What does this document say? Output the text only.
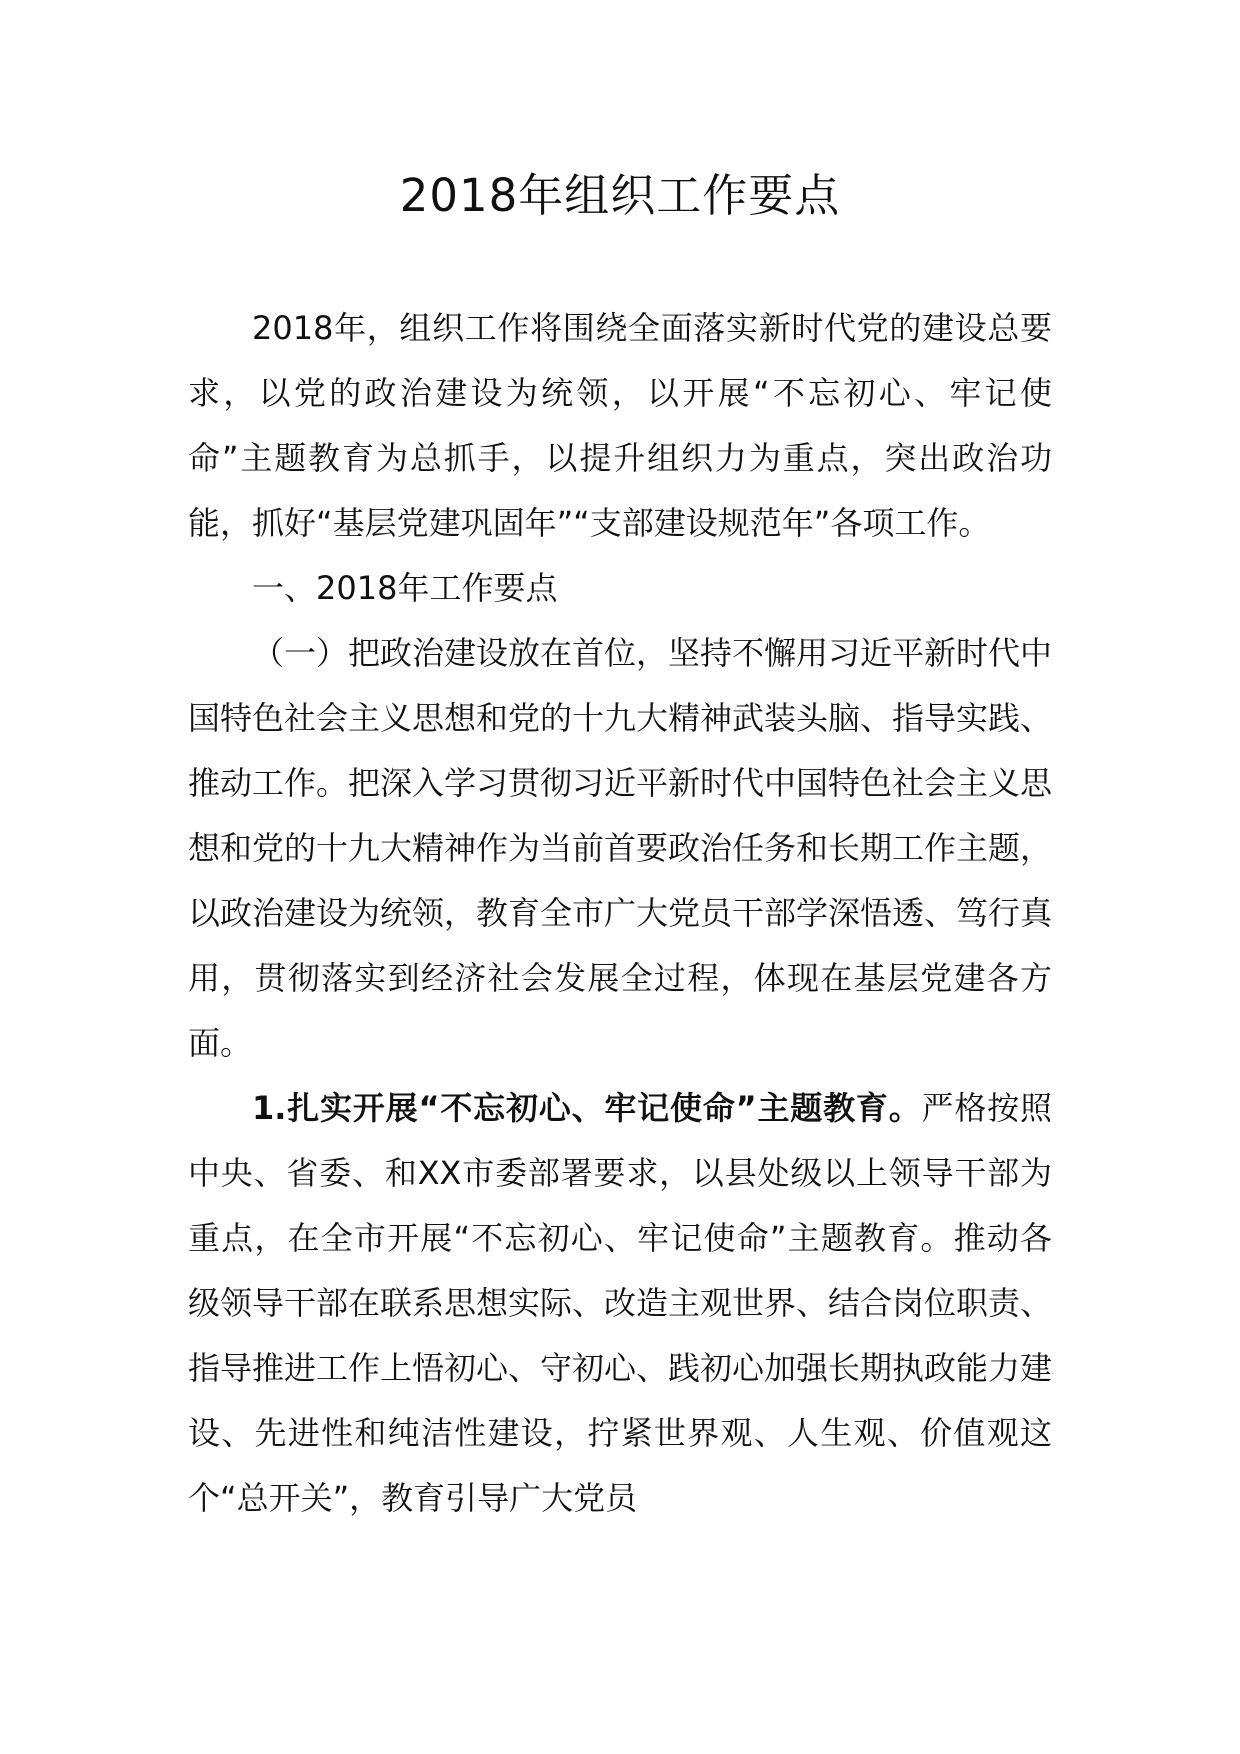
2018年组织工作要点

2018年，组织工作将围绕全面落实新时代党的建设总要求，以党的政治建设为统领，以开展“不忘初心、牢记使命”主题教育为总抓手，以提升组织力为重点，突出政治功能，抓好“基层党建巩固年”“支部建设规范年”各项工作。

一、2018年工作要点

（一）把政治建设放在首位，坚持不懈用习近平新时代中国特色社会主义思想和党的十九大精神武装头脑、指导实践、推动工作。把深入学习贯彻习近平新时代中国特色社会主义思想和党的十九大精神作为当前首要政治任务和长期工作主题，以政治建设为统领，教育全市广大党员干部学深悟透、笃行真用，贯彻落实到经济社会发展全过程，体现在基层党建各方面。

1.扎实开展“不忘初心、牢记使命”主题教育。严格按照中央、省委、和XX市委部署要求，以县处级以上领导干部为重点，在全市开展“不忘初心、牢记使命”主题教育。推动各级领导干部在联系思想实际、改造主观世界、结合岗位职责、指导推进工作上悟初心、守初心、践初心加强长期执政能力建设、先进性和纯洁性建设，拧紧世界观、人生观、价值观这个“总开关”，教育引导广大党员
